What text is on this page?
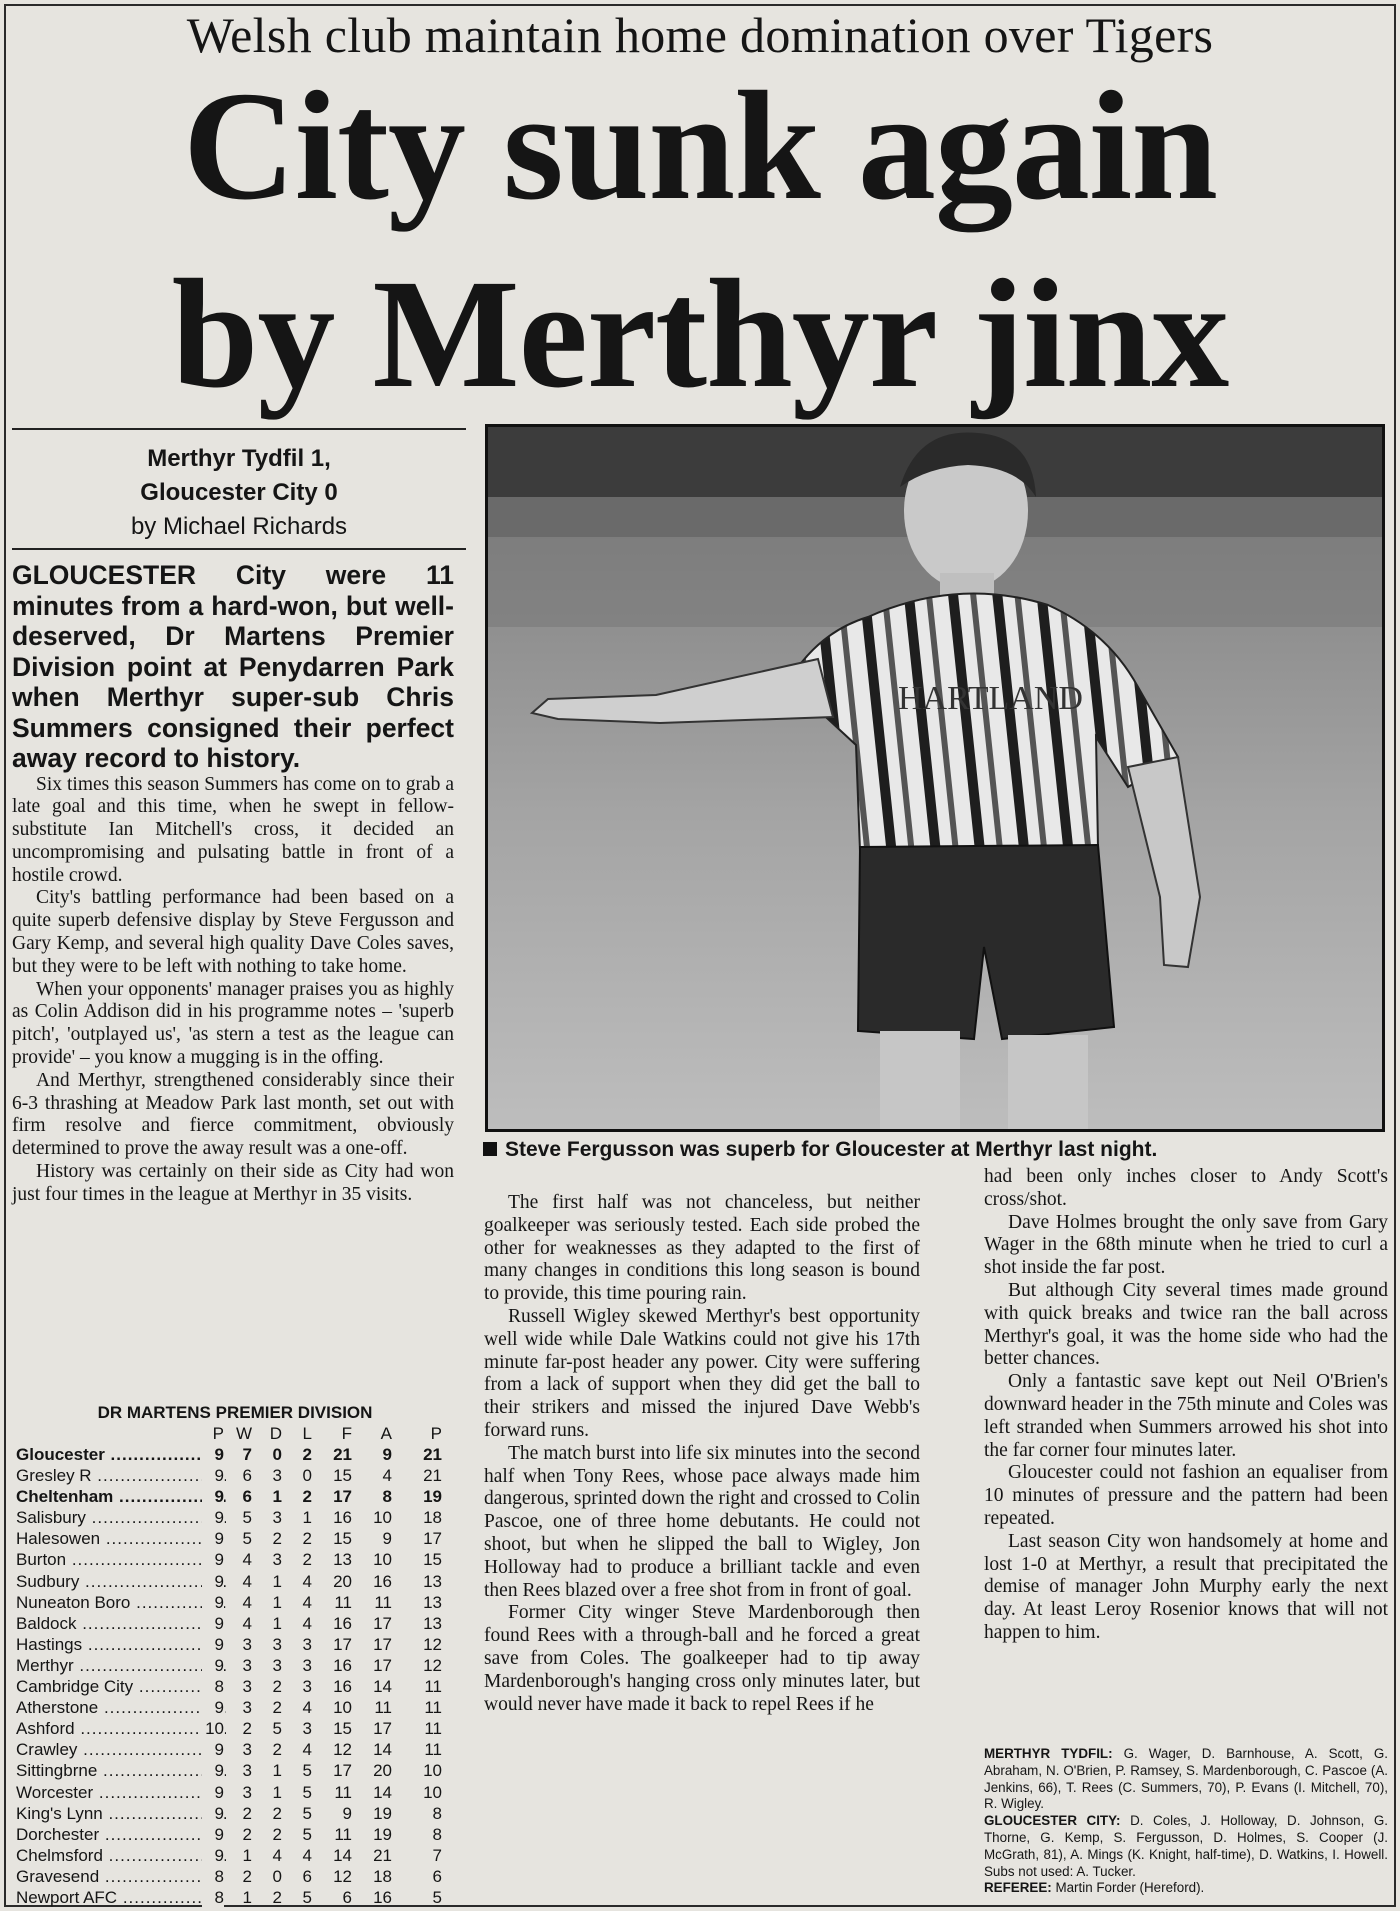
Welsh club maintain home domination over Tigers
City sunk again
by Merthyr jinx
Merthyr Tydfil 1,
Gloucester City 0
by Michael Richards

GLOUCESTER City were 11 minutes from a hard-won, but well-deserved, Dr Martens Premier Division point at Penydarren Park when Merthyr super-sub Chris Summers consigned their perfect away record to history.

Six times this season Summers has come on to grab a late goal and this time, when he swept in fellow-substitute Ian Mitchell's cross, it decided an uncompromising and pulsating battle in front of a hostile crowd.

City's battling performance had been based on a quite superb defensive display by Steve Fergusson and Gary Kemp, and several high quality Dave Coles saves, but they were to be left with nothing to take home.

When your opponents' manager praises you as highly as Colin Addison did in his programme notes – 'superb pitch', 'outplayed us', 'as stern a test as the league can provide' – you know a mugging is in the offing.

And Merthyr, strengthened considerably since their 6-3 thrashing at Meadow Park last month, set out with firm resolve and fierce commitment, obviously determined to prove the away result was a one-off.

History was certainly on their side as City had won just four times in the league at Merthyr in 35 visits.

HARTLAND
Steve Fergusson was superb for Gloucester at Merthyr last night.

The first half was not chanceless, but neither goalkeeper was seriously tested. Each side probed the other for weaknesses as they adapted to the first of many changes in conditions this long season is bound to provide, this time pouring rain.

Russell Wigley skewed Merthyr's best opportunity well wide while Dale Watkins could not give his 17th minute far-post header any power. City were suffering from a lack of support when they did get the ball to their strikers and missed the injured Dave Webb's forward runs.

The match burst into life six minutes into the second half when Tony Rees, whose pace always made him dangerous, sprinted down the right and crossed to Colin Pascoe, one of three home debutants. He could not shoot, but when he slipped the ball to Wigley, Jon Holloway had to produce a brilliant tackle and even then Rees blazed over a free shot from in front of goal.

Former City winger Steve Mardenborough then found Rees with a through-ball and he forced a great save from Coles. The goalkeeper had to tip away Mardenborough's hanging cross only minutes later, but would never have made it back to repel Rees if he

had been only inches closer to Andy Scott's cross/shot.

Dave Holmes brought the only save from Gary Wager in the 68th minute when he tried to curl a shot inside the far post.

But although City several times made ground with quick breaks and twice ran the ball across Merthyr's goal, it was the home side who had the better chances.

Only a fantastic save kept out Neil O'Brien's downward header in the 75th minute and Coles was left stranded when Summers arrowed his shot into the far corner four minutes later.

Gloucester could not fashion an equaliser from 10 minutes of pressure and the pattern had been repeated.

Last season City won handsomely at home and lost 1-0 at Merthyr, a result that precipitated the demise of manager John Murphy early the next day. At least Leroy Rosenior knows that will not happen to him.

DR MARTENS PREMIER DIVISION
P W	D	L	F	A	P
Gloucester .....	9	7	0	2	21	9	21
Gresley R .....	9	6	3	0	15	4	21
Cheltenham .....	9	6	1	2	17	8	19
Salisbury .....	9	5	3	1	16	10	18
Halesowen .....	9	5	2	2	15	9	17
Burton .....	9	4	3	2	13	10	15
Sudbury .....	9	4	1	4	20	16	13
Nuneaton Boro .....	9	4	1	4	11	11	13
Baldock .....	9	4	1	4	16	17	13
Hastings .....	9	3	3	3	17	17	12
Merthyr .....	9	3	3	3	16	17	12
Cambridge City .....	8	3	2	3	16	14	11
Atherstone .....	9	3	2	4	10	11	11
Ashford .....	10	2	5	3	15	17	11
Crawley .....	9	3	2	4	12	14	11
Sittingbrne .....	9	3	1	5	17	20	10
Worcester .....	9	3	1	5	11	14	10
King's Lynn .....	9	2	2	5	9	19	8
Dorchester .....	9	2	2	5	11	19	8
Chelmsford .....	9	1	4	4	14	21	7
Gravesend .....	8	2	0	6	12	18	6
Newport AFC .....	8	1	2	5	6	16	5
MERTHYR TYDFIL: G. Wager, D. Barnhouse, A. Scott, G. Abraham, N. O'Brien, P. Ramsey, S. Mardenborough, C. Pascoe (A. Jenkins, 66), T. Rees (C. Summers, 70), P. Evans (I. Mitchell, 70), R. Wigley.
GLOUCESTER CITY: D. Coles, J. Holloway, D. Johnson, G. Thorne, G. Kemp, S. Fergusson, D. Holmes, S. Cooper (J. McGrath, 81), A. Mings (K. Knight, half-time), D. Watkins, I. Howell. Subs not used: A. Tucker.
REFEREE: Martin Forder (Hereford).
